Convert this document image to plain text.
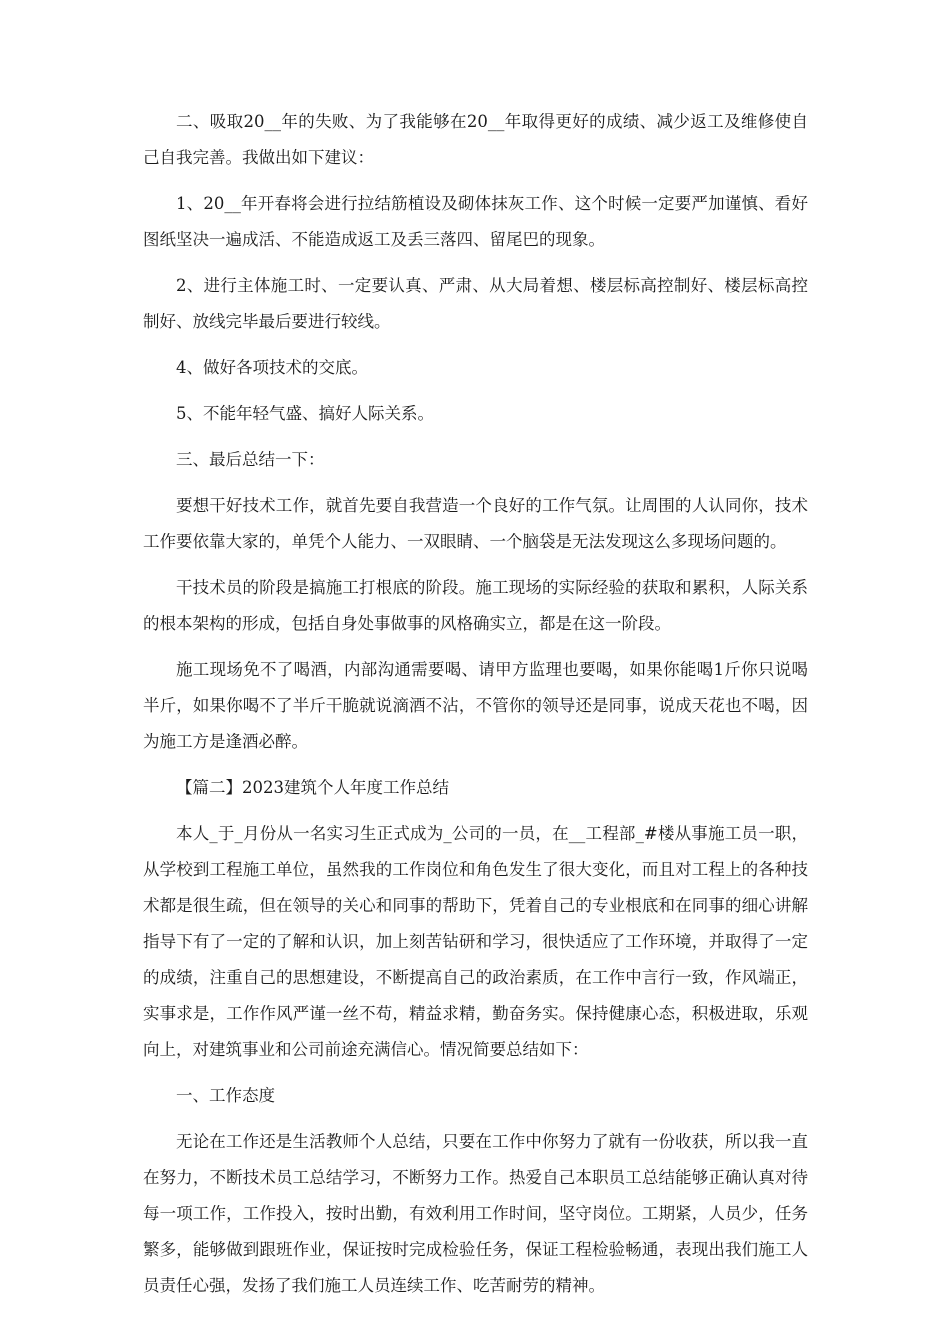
二、吸取20__年的失败、为了我能够在20__年取得更好的成绩、减少返工及维修使自己自我完善。我做出如下建议：

1、20__年开春将会进行拉结筋植设及砌体抹灰工作、这个时候一定要严加谨慎、看好图纸坚决一遍成活、不能造成返工及丢三落四、留尾巴的现象。

2、进行主体施工时、一定要认真、严肃、从大局着想、楼层标高控制好、楼层标高控制好、放线完毕最后要进行较线。

4、做好各项技术的交底。

5、不能年轻气盛、搞好人际关系。

三、最后总结一下：

要想干好技术工作，就首先要自我营造一个良好的工作气氛。让周围的人认同你，技术工作要依靠大家的，单凭个人能力、一双眼睛、一个脑袋是无法发现这么多现场问题的。

干技术员的阶段是搞施工打根底的阶段。施工现场的实际经验的获取和累积，人际关系的根本架构的形成，包括自身处事做事的风格确实立，都是在这一阶段。

施工现场免不了喝酒，内部沟通需要喝、请甲方监理也要喝，如果你能喝1斤你只说喝半斤，如果你喝不了半斤干脆就说滴酒不沾，不管你的领导还是同事，说成天花也不喝，因为施工方是逢酒必醉。

【篇二】2023建筑个人年度工作总结

本人_于_月份从一名实习生正式成为_公司的一员，在__工程部_#楼从事施工员一职，从学校到工程施工单位，虽然我的工作岗位和角色发生了很大变化，而且对工程上的各种技术都是很生疏，但在领导的关心和同事的帮助下，凭着自己的专业根底和在同事的细心讲解指导下有了一定的了解和认识，加上刻苦钻研和学习，很快适应了工作环境，并取得了一定的成绩，注重自己的思想建设，不断提高自己的政治素质，在工作中言行一致，作风端正，实事求是，工作作风严谨一丝不苟，精益求精，勤奋务实。保持健康心态，积极进取，乐观向上，对建筑事业和公司前途充满信心。情况简要总结如下：

一、工作态度

无论在工作还是生活教师个人总结，只要在工作中你努力了就有一份收获，所以我一直在努力，不断技术员工总结学习，不断努力工作。热爱自己本职员工总结能够正确认真对待每一项工作，工作投入，按时出勤，有效利用工作时间，坚守岗位。工期紧，人员少，任务繁多，能够做到跟班作业，保证按时完成检验任务，保证工程检验畅通，表现出我们施工人员责任心强，发扬了我们施工人员连续工作、吃苦耐劳的精神。
